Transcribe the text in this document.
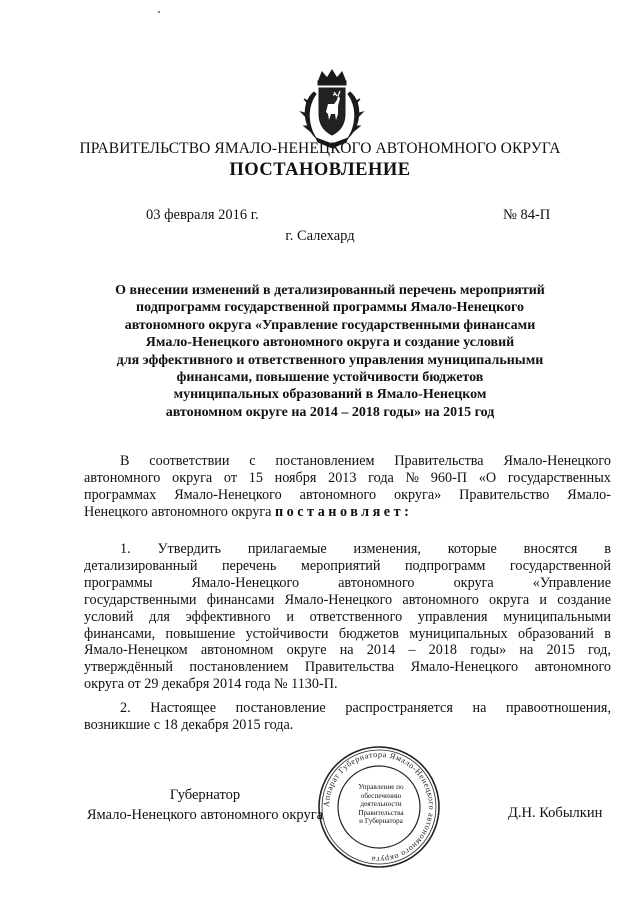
ПРАВИТЕЛЬСТВО ЯМАЛО-НЕНЕЦКОГО АВТОНОМНОГО ОКРУГА
ПОСТАНОВЛЕНИЕ
03 февраля 2016 г.	№ 84-П
г. Салехард
О внесении изменений в детализированный перечень мероприятий
подпрограмм государственной программы Ямало-Ненецкого
автономного округа «Управление государственными финансами
Ямало-Ненецкого автономного округа и создание условий
для эффективного и ответственного управления муниципальными
финансами, повышение устойчивости бюджетов
муниципальных образований в Ямало-Ненецком
автономном округе на 2014 – 2018 годы» на 2015 год
В соответствии с постановлением Правительства Ямало-Ненецкого
автономного округа от 15 ноября 2013 года № 960-П «О государственных
программах Ямало-Ненецкого автономного округа» Правительство Ямало-
Ненецкого автономного округа постановляет:
1. Утвердить прилагаемые изменения, которые вносятся в
детализированный перечень мероприятий подпрограмм государственной
программы	Ямало-Ненецкого	автономного	округа	«Управление
государственными финансами Ямало-Ненецкого автономного округа и создание
условий для эффективного и ответственного управления муниципальными
финансами, повышение устойчивости бюджетов муниципальных образований в
Ямало-Ненецком автономном округе на 2014 – 2018 годы» на 2015 год,
утверждённый постановлением Правительства Ямало-Ненецкого автономного
округа от 29 декабря 2014 года № 1130-П.
2. Настоящее постановление распространяется на правоотношения,
возникшие с 18 декабря 2015 года.
Губернатор
Ямало-Ненецкого автономного округа	Д.Н. Кобылкин
Аппарат Губернатора Ямало-Ненецкого автономного округа
Управление по
обеспечению
деятельности
Правительства
и Губернатора
